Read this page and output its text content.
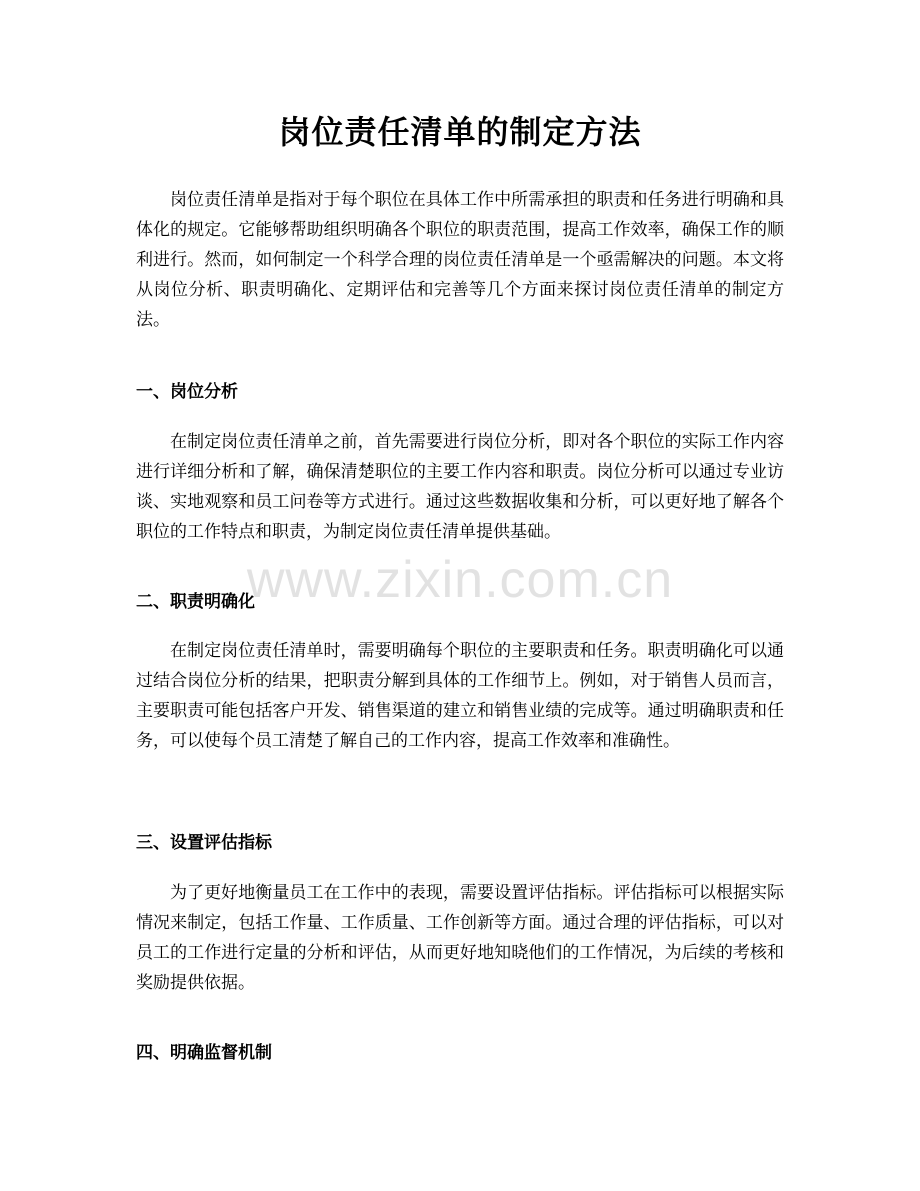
岗位责任清单的制定方法

岗位责任清单是指对于每个职位在具体工作中所需承担的职责和任务进行明确和具体化的规定。它能够帮助组织明确各个职位的职责范围，提高工作效率，确保工作的顺利进行。然而，如何制定一个科学合理的岗位责任清单是一个亟需解决的问题。本文将从岗位分析、职责明确化、定期评估和完善等几个方面来探讨岗位责任清单的制定方法。

一、岗位分析

在制定岗位责任清单之前，首先需要进行岗位分析，即对各个职位的实际工作内容进行详细分析和了解，确保清楚职位的主要工作内容和职责。岗位分析可以通过专业访谈、实地观察和员工问卷等方式进行。通过这些数据收集和分析，可以更好地了解各个职位的工作特点和职责，为制定岗位责任清单提供基础。

二、职责明确化

在制定岗位责任清单时，需要明确每个职位的主要职责和任务。职责明确化可以通过结合岗位分析的结果，把职责分解到具体的工作细节上。例如，对于销售人员而言，主要职责可能包括客户开发、销售渠道的建立和销售业绩的完成等。通过明确职责和任务，可以使每个员工清楚了解自己的工作内容，提高工作效率和准确性。

三、设置评估指标

为了更好地衡量员工在工作中的表现，需要设置评估指标。评估指标可以根据实际情况来制定，包括工作量、工作质量、工作创新等方面。通过合理的评估指标，可以对员工的工作进行定量的分析和评估，从而更好地知晓他们的工作情况，为后续的考核和奖励提供依据。

四、明确监督机制
www.zixin.com.cn
